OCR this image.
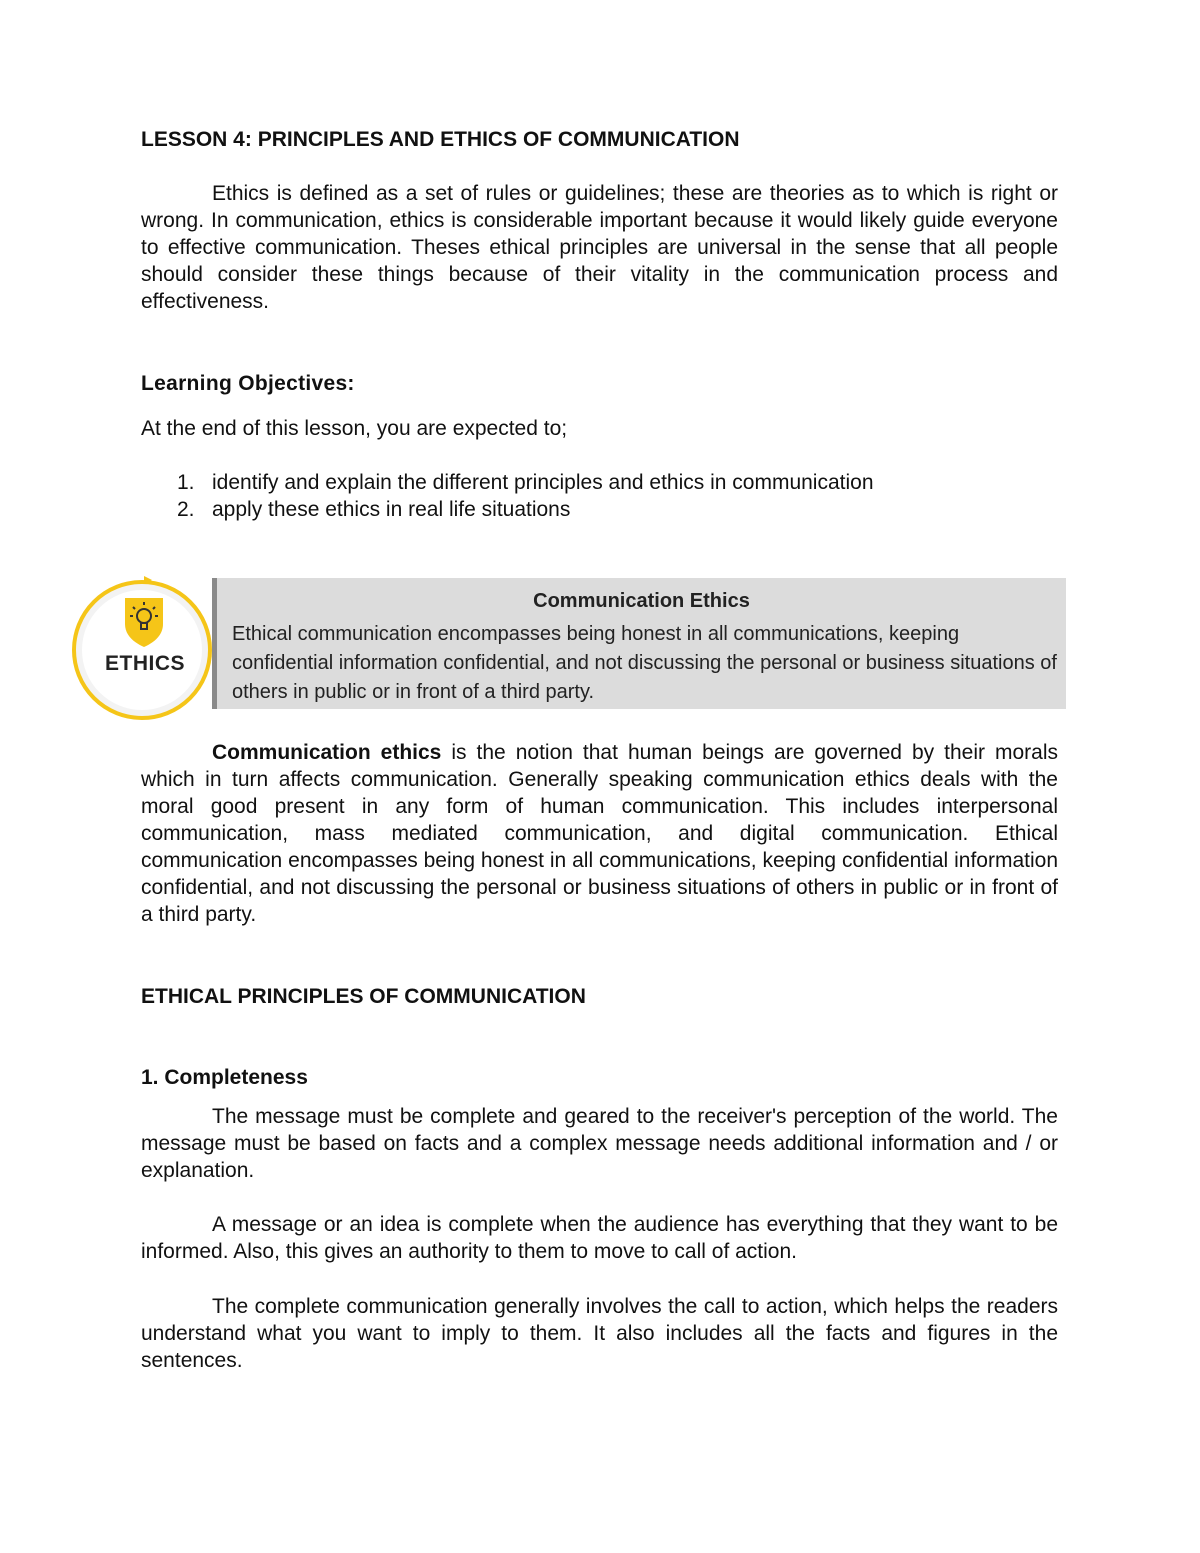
LESSON 4: PRINCIPLES AND ETHICS OF COMMUNICATION

Ethics is defined as a set of rules or guidelines; these are theories as to which is right or wrong. In communication, ethics is considerable important because it would likely guide everyone to effective communication. Theses ethical principles are universal in the sense that all people should consider these things because of their vitality in the communication process and effectiveness.

Learning Objectives:

At the end of this lesson, you are expected to;

1. identify and explain the different principles and ethics in communication
2. apply these ethics in real life situations
Communication Ethics
Ethical communication encompasses being honest in all communications, keeping confidential information confidential, and not discussing the personal or business situations of others in public or in front of a third party.
ETHICS

Communication ethics is the notion that human beings are governed by their morals which in turn affects communication. Generally speaking communication ethics deals with the moral good present in any form of human communication. This includes interpersonal communication, mass mediated communication, and digital communication. Ethical communication encompasses being honest in all communications, keeping confidential information confidential, and not discussing the personal or business situations of others in public or in front of a third party.

ETHICAL PRINCIPLES OF COMMUNICATION

1. Completeness

The message must be complete and geared to the receiver's perception of the world. The message must be based on facts and a complex message needs additional information and / or explanation.

A message or an idea is complete when the audience has everything that they want to be informed. Also, this gives an authority to them to move to call of action.

The complete communication generally involves the call to action, which helps the readers understand what you want to imply to them. It also includes all the facts and figures in the sentences.
